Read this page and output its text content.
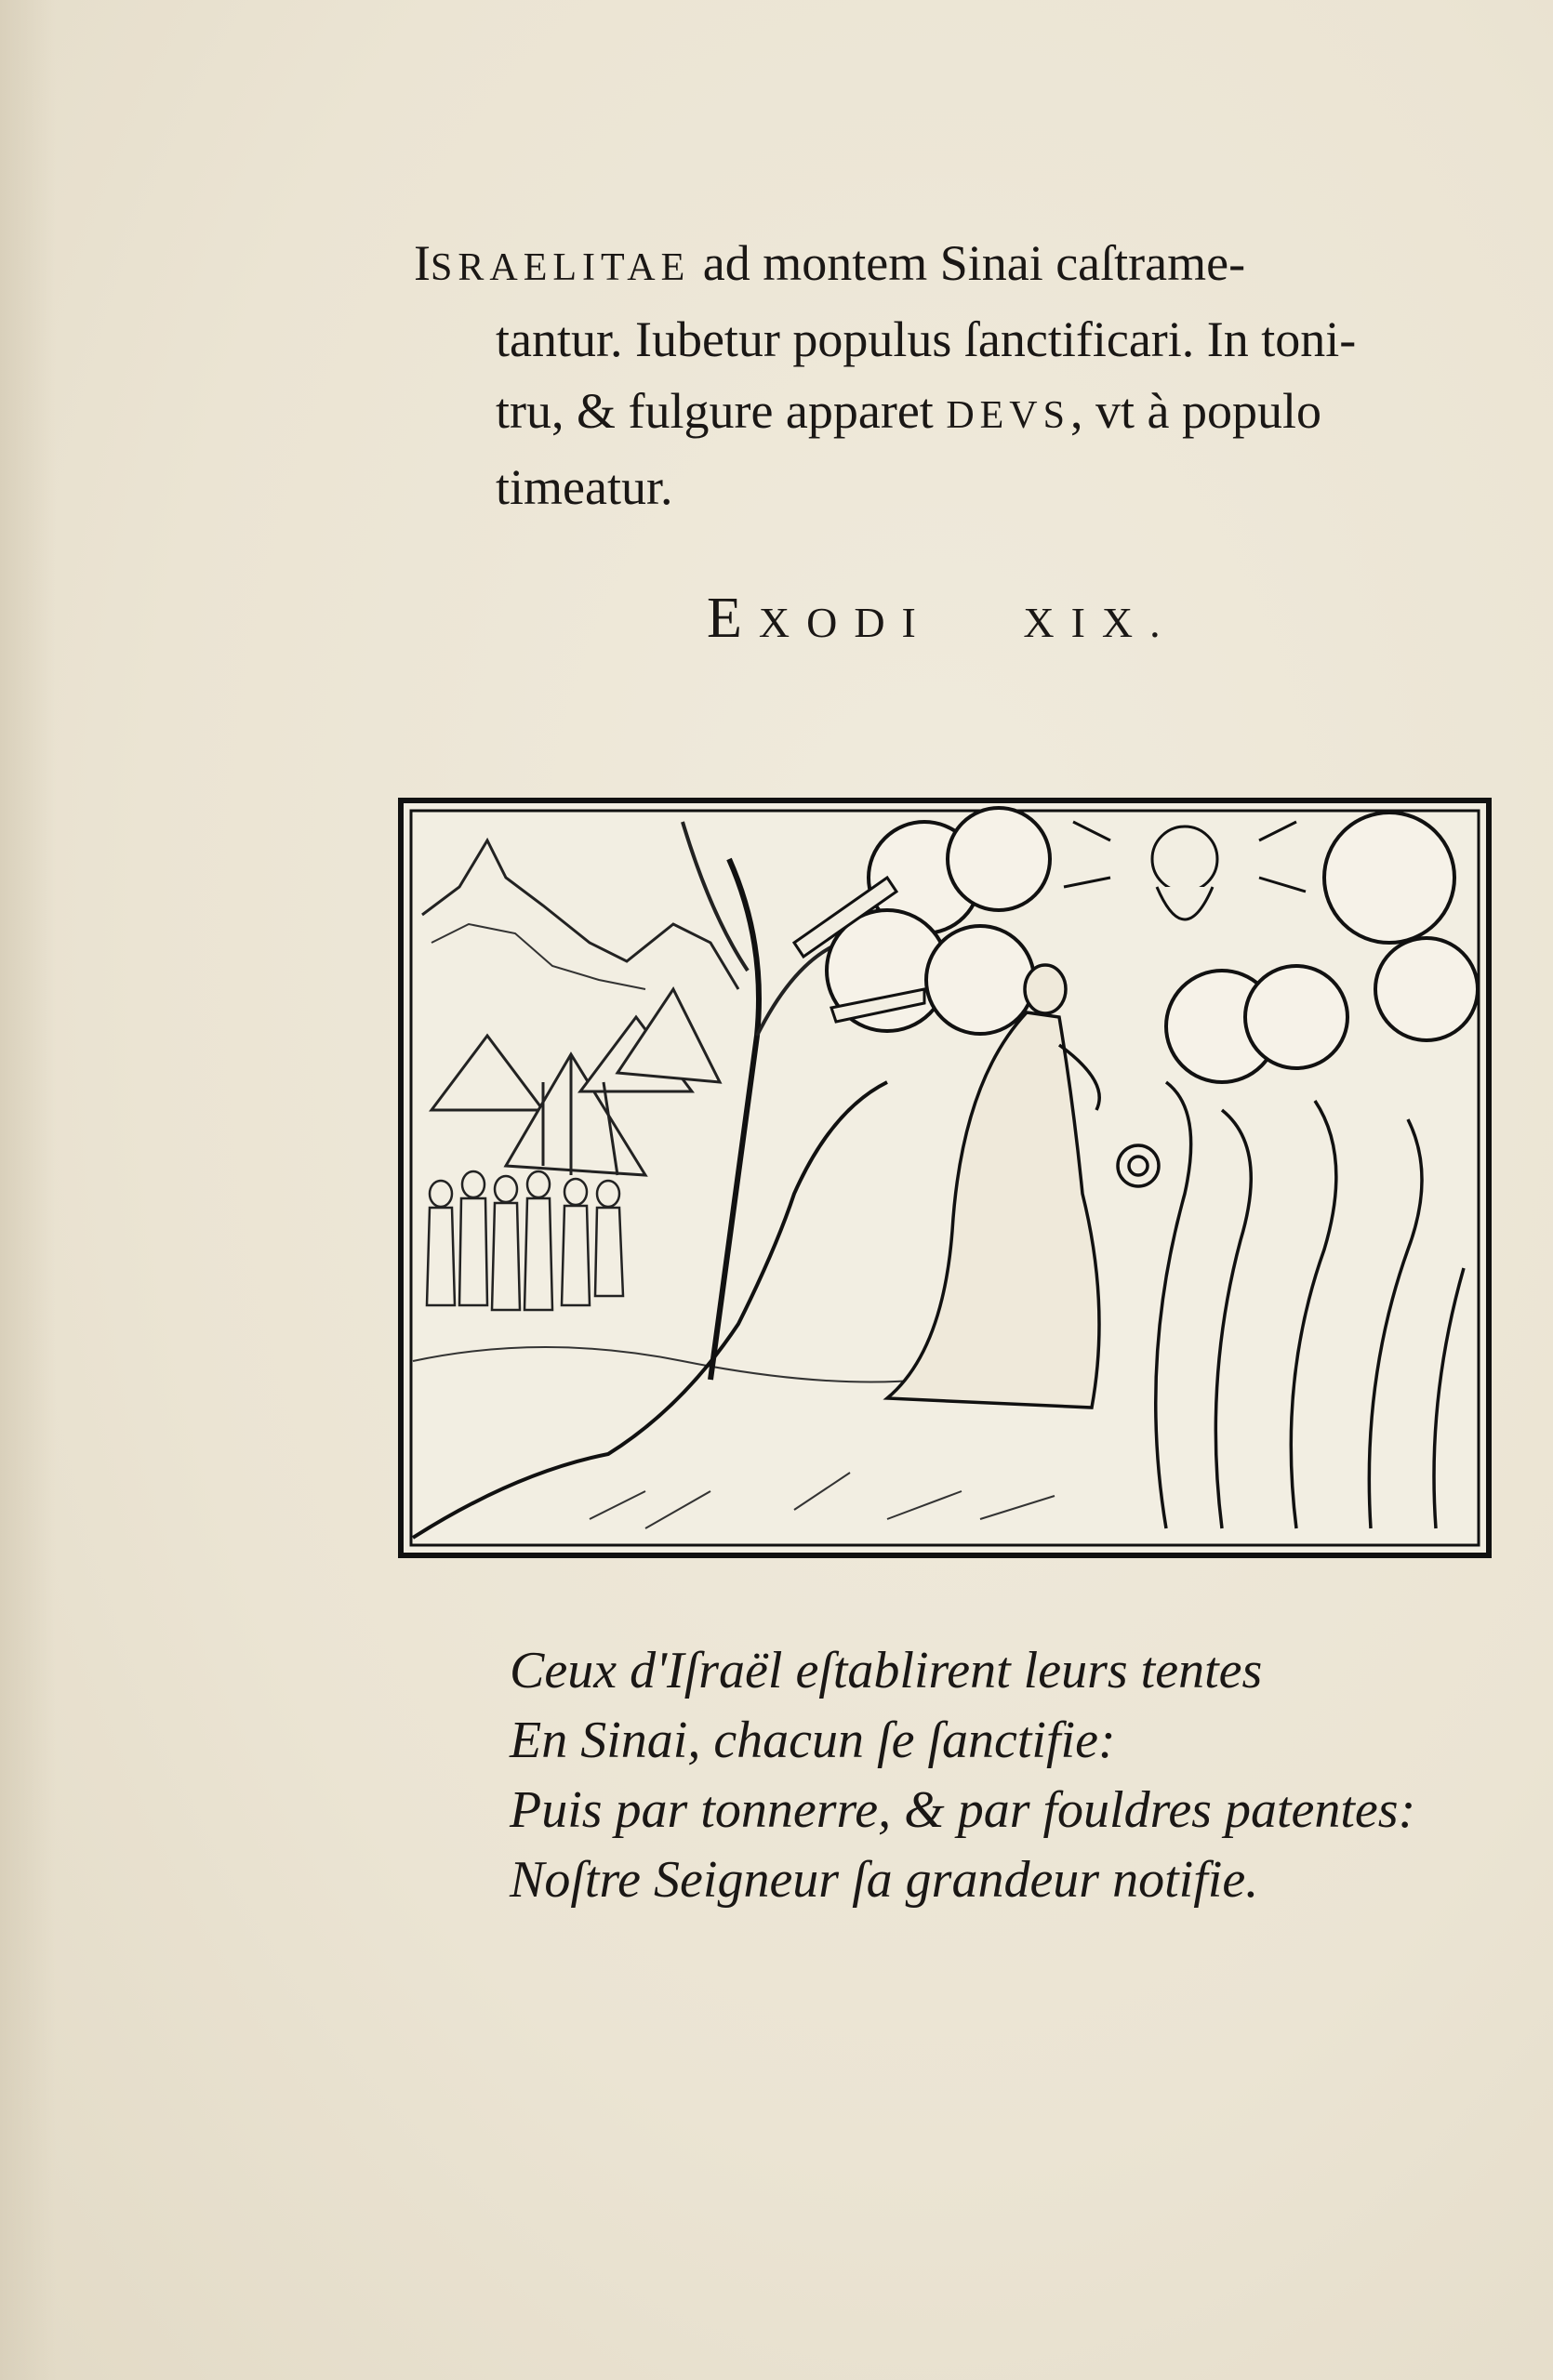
ISRAELITAE ad montem Sinai caſtrame-
tantur. Iubetur populus ſanctificari. In toni-
tru, & fulgure apparet DEVS, vt à populo
timeatur.
EXODI XIX.
Ceux d'Iſraël eſtablirent leurs tentes
En Sinai, chacun ſe ſanctifie:
Puis par tonnerre, & par fouldres patentes:
Noſtre Seigneur ſa grandeur notifie.
